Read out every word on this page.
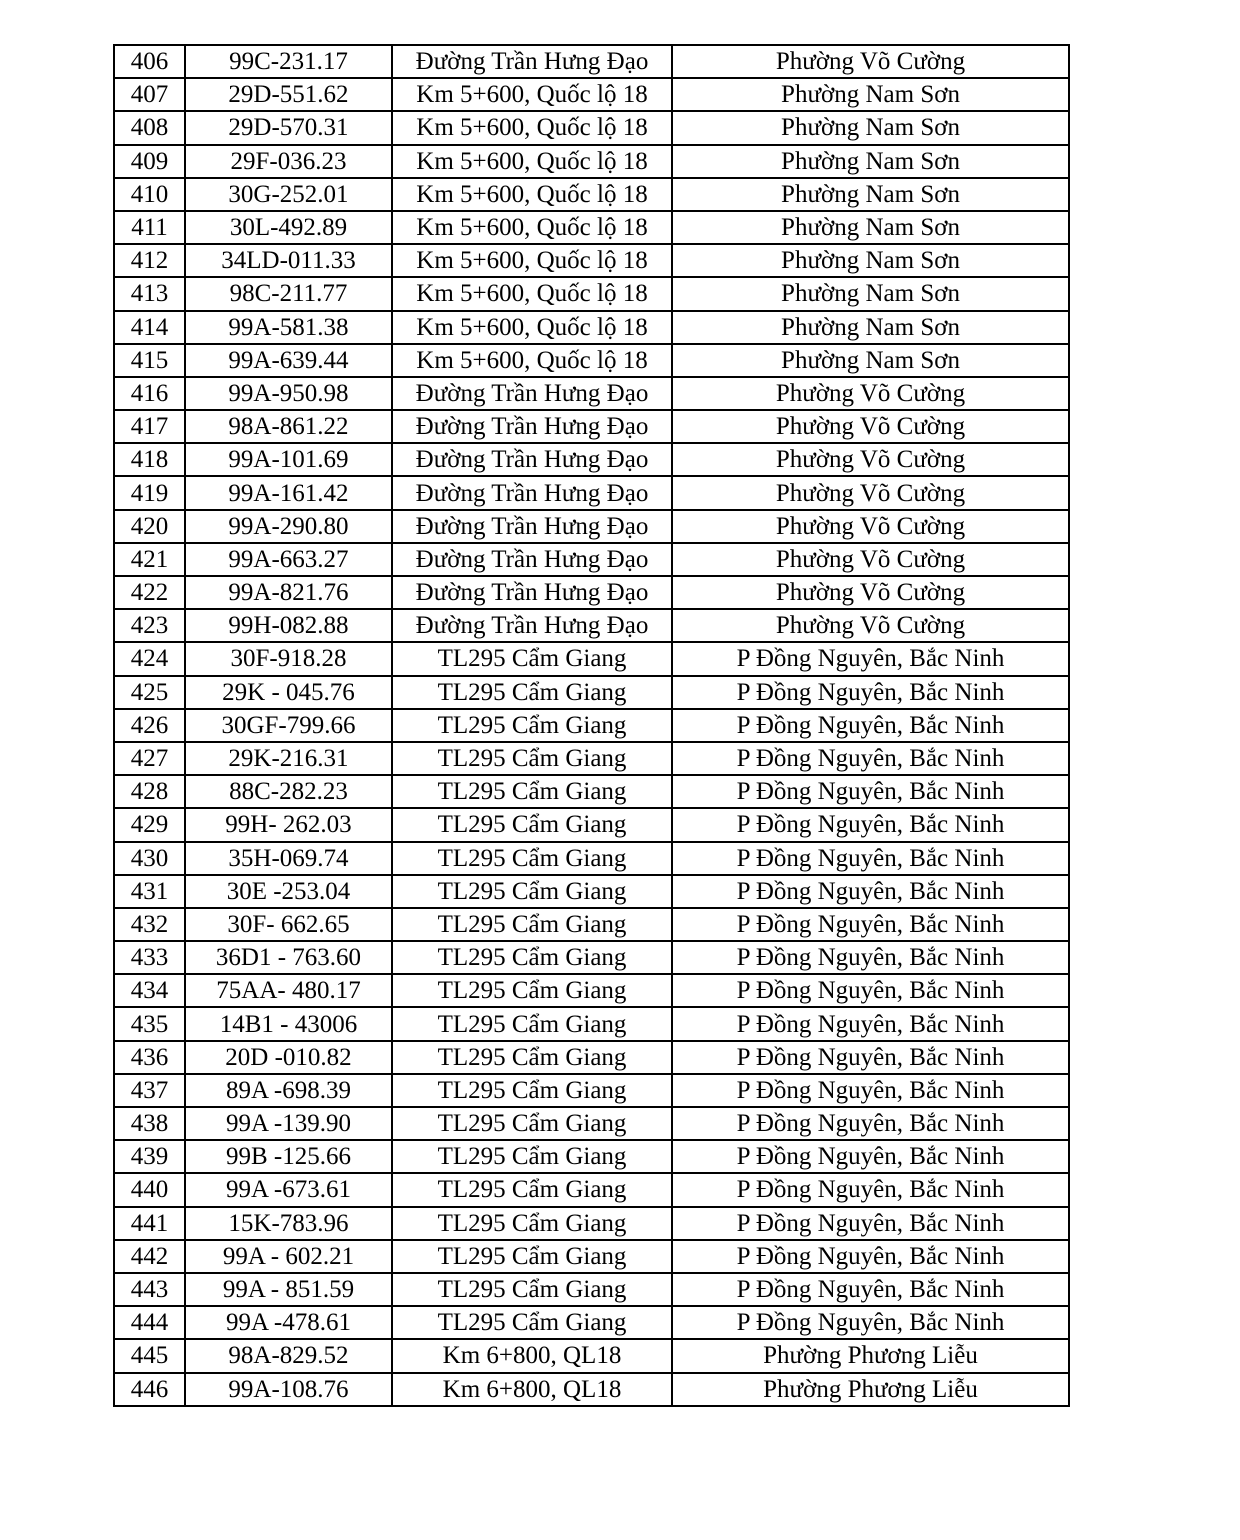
406	99C-231.17	Đường Trần Hưng Đạo	Phường Võ Cường
407	29D-551.62	Km 5+600, Quốc lộ 18	Phường Nam Sơn
408	29D-570.31	Km 5+600, Quốc lộ 18	Phường Nam Sơn
409	29F-036.23	Km 5+600, Quốc lộ 18	Phường Nam Sơn
410	30G-252.01	Km 5+600, Quốc lộ 18	Phường Nam Sơn
411	30L-492.89	Km 5+600, Quốc lộ 18	Phường Nam Sơn
412	34LD-011.33	Km 5+600, Quốc lộ 18	Phường Nam Sơn
413	98C-211.77	Km 5+600, Quốc lộ 18	Phường Nam Sơn
414	99A-581.38	Km 5+600, Quốc lộ 18	Phường Nam Sơn
415	99A-639.44	Km 5+600, Quốc lộ 18	Phường Nam Sơn
416	99A-950.98	Đường Trần Hưng Đạo	Phường Võ Cường
417	98A-861.22	Đường Trần Hưng Đạo	Phường Võ Cường
418	99A-101.69	Đường Trần Hưng Đạo	Phường Võ Cường
419	99A-161.42	Đường Trần Hưng Đạo	Phường Võ Cường
420	99A-290.80	Đường Trần Hưng Đạo	Phường Võ Cường
421	99A-663.27	Đường Trần Hưng Đạo	Phường Võ Cường
422	99A-821.76	Đường Trần Hưng Đạo	Phường Võ Cường
423	99H-082.88	Đường Trần Hưng Đạo	Phường Võ Cường
424	30F-918.28	TL295 Cẩm Giang	P Đồng Nguyên, Bắc Ninh
425	29K - 045.76	TL295 Cẩm Giang	P Đồng Nguyên, Bắc Ninh
426	30GF-799.66	TL295 Cẩm Giang	P Đồng Nguyên, Bắc Ninh
427	29K-216.31	TL295 Cẩm Giang	P Đồng Nguyên, Bắc Ninh
428	88C-282.23	TL295 Cẩm Giang	P Đồng Nguyên, Bắc Ninh
429	99H- 262.03	TL295 Cẩm Giang	P Đồng Nguyên, Bắc Ninh
430	35H-069.74	TL295 Cẩm Giang	P Đồng Nguyên, Bắc Ninh
431	30E -253.04	TL295 Cẩm Giang	P Đồng Nguyên, Bắc Ninh
432	30F- 662.65	TL295 Cẩm Giang	P Đồng Nguyên, Bắc Ninh
433	36D1 - 763.60	TL295 Cẩm Giang	P Đồng Nguyên, Bắc Ninh
434	75AA- 480.17	TL295 Cẩm Giang	P Đồng Nguyên, Bắc Ninh
435	14B1 - 43006	TL295 Cẩm Giang	P Đồng Nguyên, Bắc Ninh
436	20D -010.82	TL295 Cẩm Giang	P Đồng Nguyên, Bắc Ninh
437	89A -698.39	TL295 Cẩm Giang	P Đồng Nguyên, Bắc Ninh
438	99A -139.90	TL295 Cẩm Giang	P Đồng Nguyên, Bắc Ninh
439	99B -125.66	TL295 Cẩm Giang	P Đồng Nguyên, Bắc Ninh
440	99A -673.61	TL295 Cẩm Giang	P Đồng Nguyên, Bắc Ninh
441	15K-783.96	TL295 Cẩm Giang	P Đồng Nguyên, Bắc Ninh
442	99A - 602.21	TL295 Cẩm Giang	P Đồng Nguyên, Bắc Ninh
443	99A - 851.59	TL295 Cẩm Giang	P Đồng Nguyên, Bắc Ninh
444	99A -478.61	TL295 Cẩm Giang	P Đồng Nguyên, Bắc Ninh
445	98A-829.52	Km 6+800, QL18	Phường Phương Liễu
446	99A-108.76	Km 6+800, QL18	Phường Phương Liễu
